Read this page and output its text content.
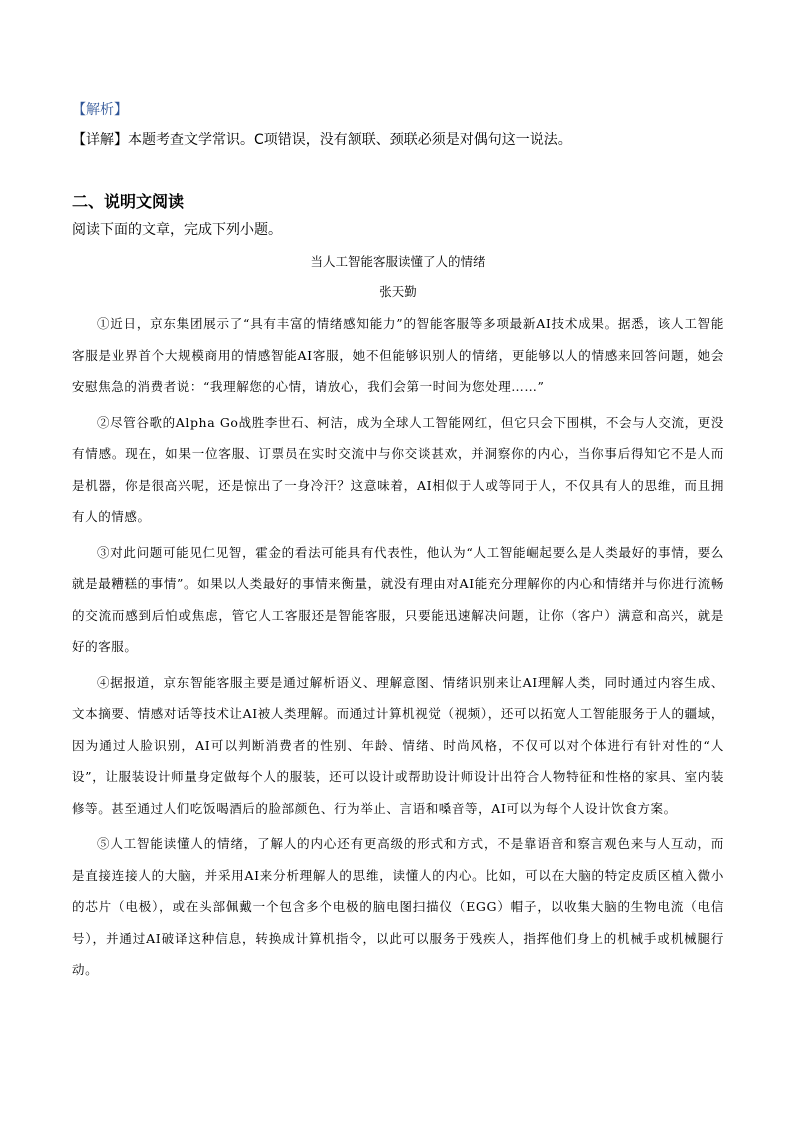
【解析】

【详解】本题考查文学常识。C项错误，没有颔联、颈联必须是对偶句这一说法。

二、说明文阅读

阅读下面的文章，完成下列小题。

当人工智能客服读懂了人的情绪

张天勤

①近日，京东集团展示了“具有丰富的情绪感知能力”的智能客服等多项最新AI技术成果。据悉，该人工智能客服是业界首个大规模商用的情感智能AI客服，她不但能够识别人的情绪，更能够以人的情感来回答问题，她会安慰焦急的消费者说：“我理解您的心情，请放心，我们会第一时间为您处理……”

②尽管谷歌的Alpha Go战胜李世石、柯洁，成为全球人工智能网红，但它只会下围棋，不会与人交流，更没有情感。现在，如果一位客服、订票员在实时交流中与你交谈甚欢，并洞察你的内心，当你事后得知它不是人而是机器，你是很高兴呢，还是惊出了一身冷汗？这意味着，AI相似于人或等同于人，不仅具有人的思维，而且拥有人的情感。

③对此问题可能见仁见智，霍金的看法可能具有代表性，他认为“人工智能崛起要么是人类最好的事情，要么就是最糟糕的事情”。如果以人类最好的事情来衡量，就没有理由对AI能充分理解你的内心和情绪并与你进行流畅的交流而感到后怕或焦虑，管它人工客服还是智能客服，只要能迅速解决问题，让你（客户）满意和高兴，就是好的客服。

④据报道，京东智能客服主要是通过解析语义、理解意图、情绪识别来让AI理解人类，同时通过内容生成、文本摘要、情感对话等技术让AI被人类理解。而通过计算机视觉（视频），还可以拓宽人工智能服务于人的疆域，因为通过人脸识别，AI可以判断消费者的性别、年龄、情绪、时尚风格，不仅可以对个体进行有针对性的“人设”，让服装设计师量身定做每个人的服装，还可以设计或帮助设计师设计出符合人物特征和性格的家具、室内装修等。甚至通过人们吃饭喝酒后的脸部颜色、行为举止、言语和嗓音等，AI可以为每个人设计饮食方案。

⑤人工智能读懂人的情绪，了解人的内心还有更高级的形式和方式，不是靠语音和察言观色来与人互动，而是直接连接人的大脑，并采用AI来分析理解人的思维，读懂人的内心。比如，可以在大脑的特定皮质区植入微小的芯片（电极），或在头部佩戴一个包含多个电极的脑电图扫描仪（EGG）帽子，以收集大脑的生物电流（电信号），并通过AI破译这种信息，转换成计算机指令，以此可以服务于残疾人，指挥他们身上的机械手或机械腿行动。
